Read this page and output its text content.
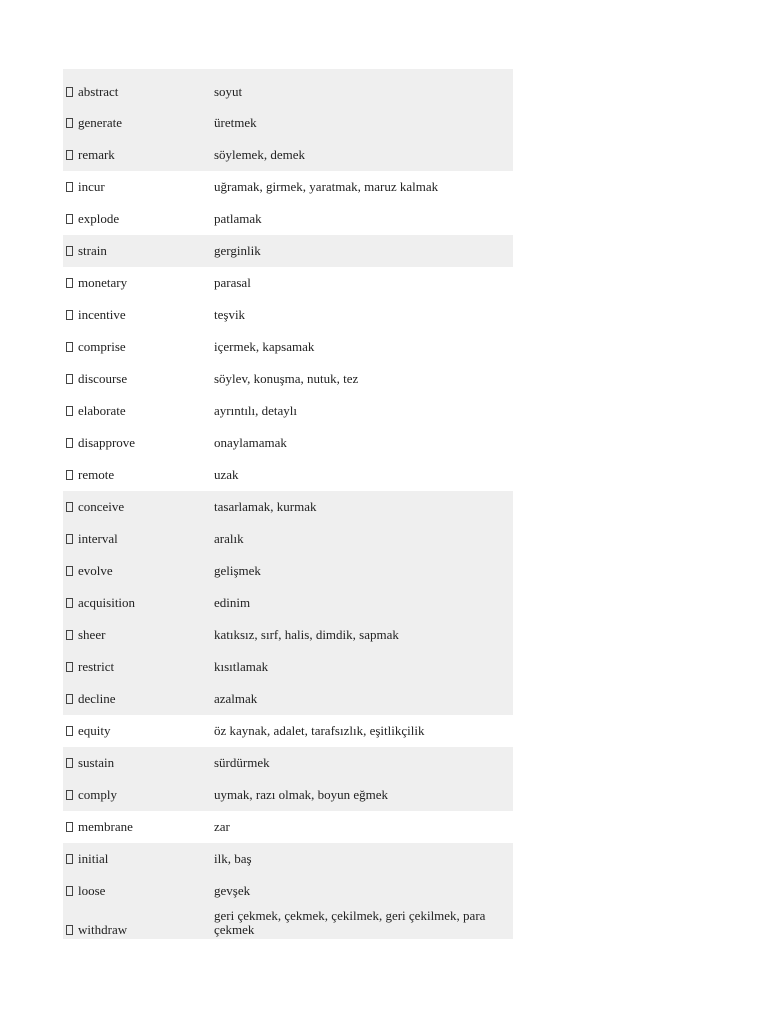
abstract	soyut

generate	üretmek

remark	söylemek, demek

incur	uğramak, girmek, yaratmak, maruz kalmak

explode	patlamak

strain	gerginlik

monetary	parasal

incentive	teşvik

comprise	içermek, kapsamak

discourse	söylev, konuşma, nutuk, tez

elaborate	ayrıntılı, detaylı

disapprove	onaylamamak

remote	uzak

conceive	tasarlamak, kurmak

interval	aralık

evolve	gelişmek

acquisition	edinim

sheer	katıksız, sırf, halis, dimdik, sapmak

restrict	kısıtlamak

decline	azalmak

equity	öz kaynak, adalet, tarafsızlık, eşitlikçilik

sustain	sürdürmek

comply	uymak, razı olmak, boyun eğmek

membrane	zar

initial	ilk, baş

loose	gevşek

withdraw	geri çekmek, çekmek, çekilmek, geri çekilmek, para çekmek
